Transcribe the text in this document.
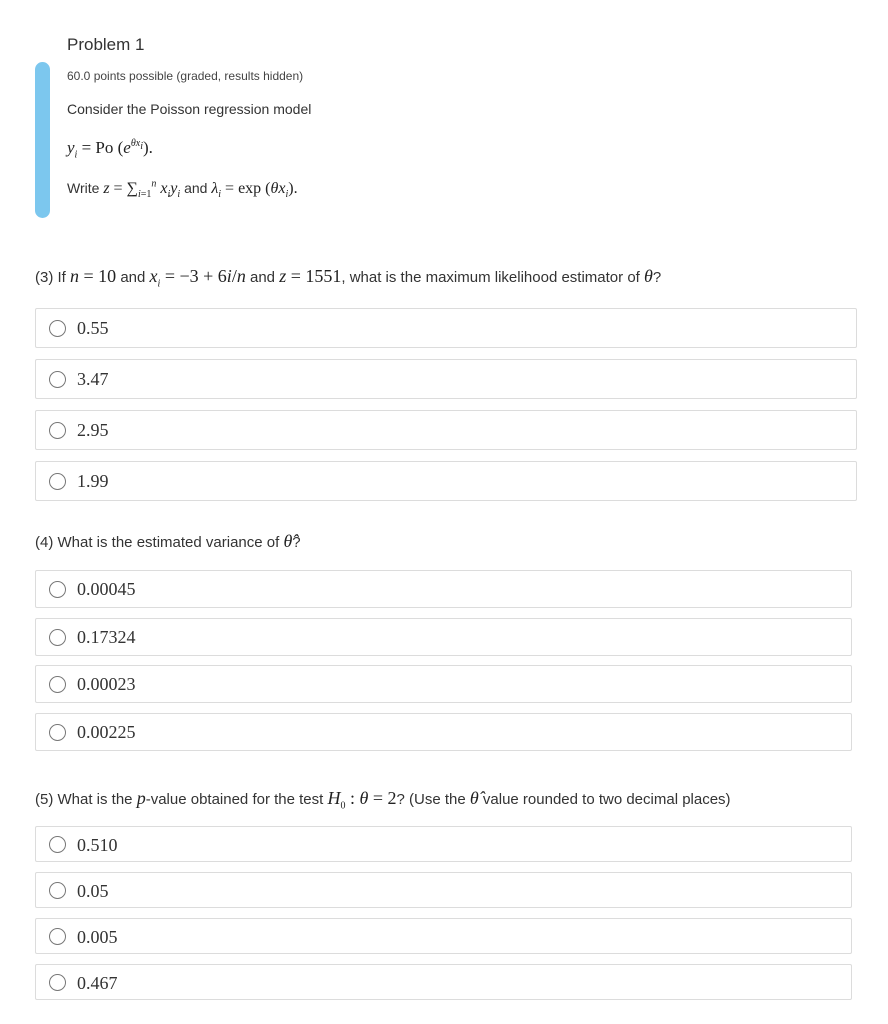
Problem 1
60.0 points possible (graded, results hidden)
Consider the Poisson regression model
$y_i = Po$ $(e^{\theta x_i})$.
Write $z = \sum_{i=1}^n$ $x_iy_i$ and $\lambda_i = \exp (\theta x_i)$.
(3) If n = 10 and $x_i = -3 + 6i/n$ and z = 1551, what is the maximum likelihood estimator of θ?
0.55
3.47
2.95
1.99
(4) What is the estimated variance of θ̂?
0.00045
0.17324
0.00023
0.00225
(5) What is the p-value obtained for the test $H_0$ : θ = 2? (Use the θ̂ value rounded to two decimal places)
0.510
0.05
0.005
0.467
